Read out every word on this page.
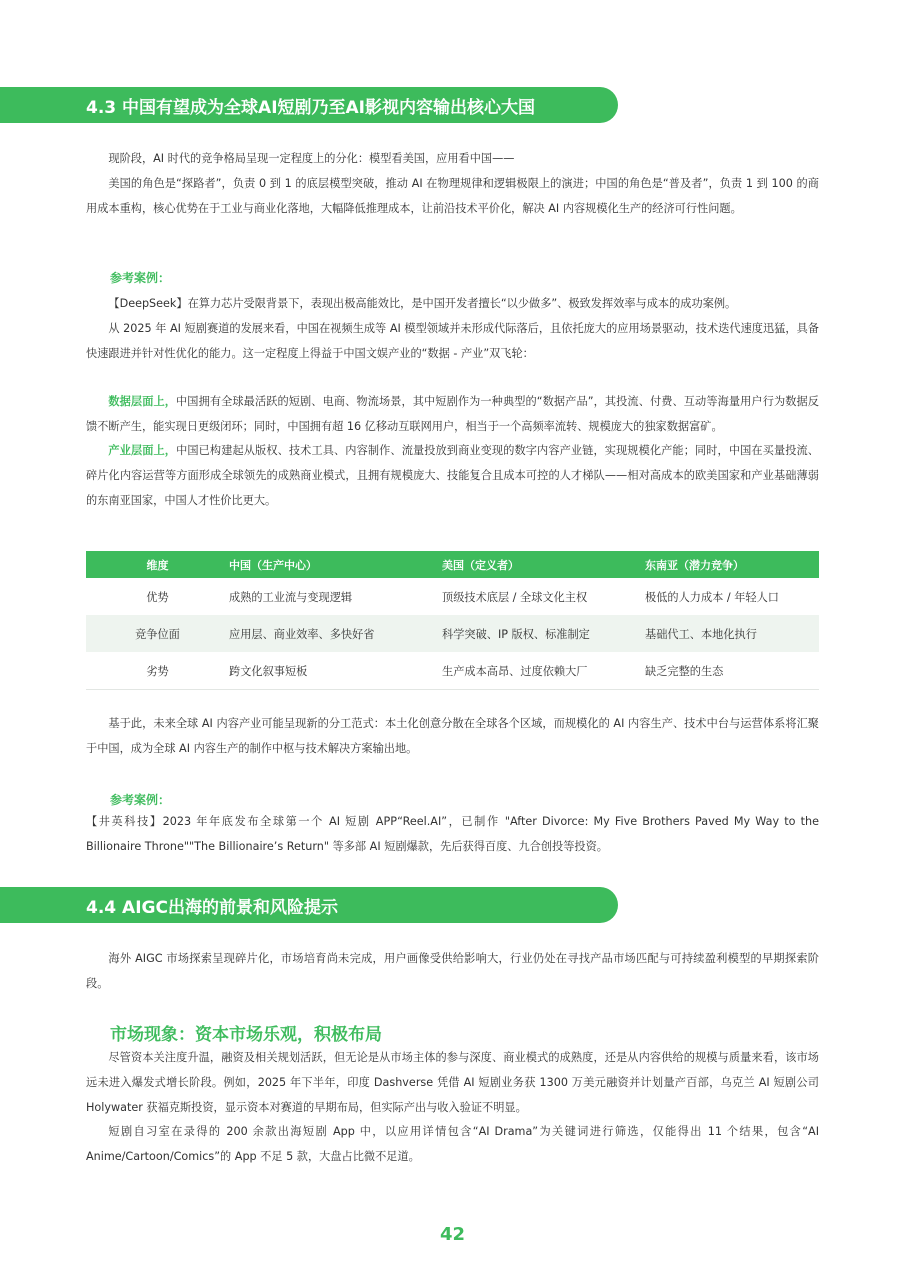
4.3 中国有望成为全球AI短剧乃至AI影视内容输出核心大国

现阶段，AI 时代的竞争格局呈现一定程度上的分化：模型看美国，应用看中国——

美国的角色是“探路者”，负责 0 到 1 的底层模型突破，推动 AI 在物理规律和逻辑极限上的演进；中国的角色是“普及者”，负责 1 到 100 的商用成本重构，核心优势在于工业与商业化落地，大幅降低推理成本，让前沿技术平价化，解决 AI 内容规模化生产的经济可行性问题。

参考案例：

【DeepSeek】在算力芯片受限背景下，表现出极高能效比，是中国开发者擅长“以少做多”、极致发挥效率与成本的成功案例。

从 2025 年 AI 短剧赛道的发展来看，中国在视频生成等 AI 模型领域并未形成代际落后，且依托庞大的应用场景驱动，技术迭代速度迅猛，具备快速跟进并针对性优化的能力。这一定程度上得益于中国文娱产业的“数据 - 产业”双飞轮：

数据层面上，中国拥有全球最活跃的短剧、电商、物流场景，其中短剧作为一种典型的“数据产品”，其投流、付费、互动等海量用户行为数据反馈不断产生，能实现日更级闭环；同时，中国拥有超 16 亿移动互联网用户，相当于一个高频率流转、规模庞大的独家数据富矿。

产业层面上，中国已构建起从版权、技术工具、内容制作、流量投放到商业变现的数字内容产业链，实现规模化产能；同时，中国在买量投流、碎片化内容运营等方面形成全球领先的成熟商业模式，且拥有规模庞大、技能复合且成本可控的人才梯队——相对高成本的欧美国家和产业基础薄弱的东南亚国家，中国人才性价比更大。

维度	中国（生产中心）	美国（定义者）	东南亚（潜力竞争）
优势	成熟的工业流与变现逻辑	顶级技术底层 / 全球文化主权	极低的人力成本 / 年轻人口
竞争位面	应用层、商业效率、多快好省	科学突破、IP 版权、标准制定	基础代工、本地化执行
劣势	跨文化叙事短板	生产成本高昂、过度依赖大厂	缺乏完整的生态

基于此，未来全球 AI 内容产业可能呈现新的分工范式：本土化创意分散在全球各个区域，而规模化的 AI 内容生产、技术中台与运营体系将汇聚于中国，成为全球 AI 内容生产的制作中枢与技术解决方案输出地。

参考案例：

【井英科技】2023 年年底发布全球第一个 AI 短剧 APP“Reel.AI”，已制作 "After Divorce: My Five Brothers Paved My Way to the Billionaire Throne""The Billionaire’s Return" 等多部 AI 短剧爆款，先后获得百度、九合创投等投资。

4.4 AIGC出海的前景和风险提示

海外 AIGC 市场探索呈现碎片化，市场培育尚未完成，用户画像受供给影响大，行业仍处在寻找产品市场匹配与可持续盈利模型的早期探索阶段。

市场现象：资本市场乐观，积极布局

尽管资本关注度升温，融资及相关规划活跃，但无论是从市场主体的参与深度、商业模式的成熟度，还是从内容供给的规模与质量来看，该市场远未进入爆发式增长阶段。例如，2025 年下半年，印度 Dashverse 凭借 AI 短剧业务获 1300 万美元融资并计划量产百部，乌克兰 AI 短剧公司 Holywater 获福克斯投资，显示资本对赛道的早期布局，但实际产出与收入验证不明显。

短剧自习室在录得的 200 余款出海短剧 App 中，以应用详情包含“AI Drama”为关键词进行筛选，仅能得出 11 个结果，包含“AI Anime/Cartoon/Comics”的 App 不足 5 款，大盘占比微不足道。

42
